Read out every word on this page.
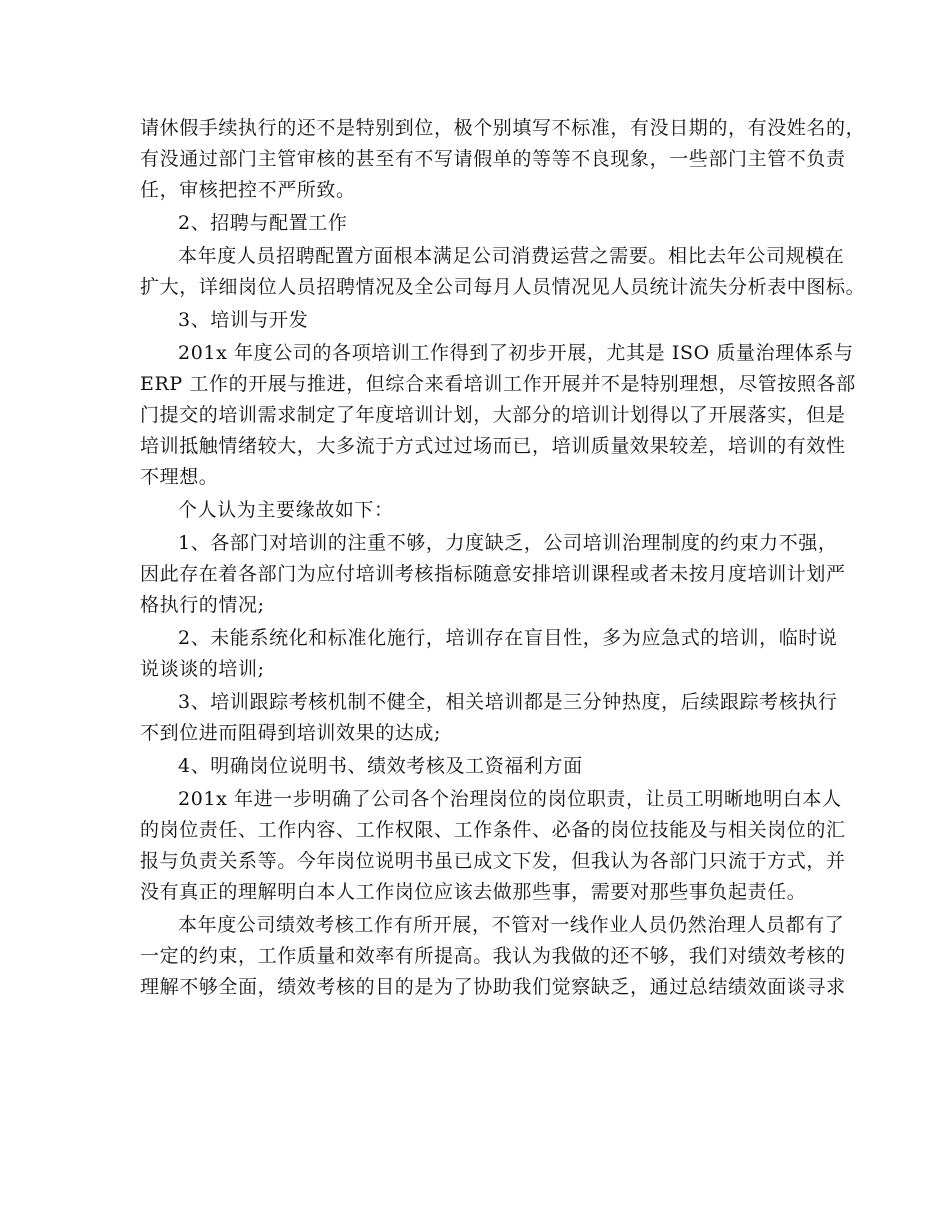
请休假手续执行的还不是特别到位，极个别填写不标准，有没日期的，有没姓名的，
有没通过部门主管审核的甚至有不写请假单的等等不良现象，一些部门主管不负责
任，审核把控不严所致。
2、招聘与配置工作
本年度人员招聘配置方面根本满足公司消费运营之需要。相比去年公司规模在
扩大，详细岗位人员招聘情况及全公司每月人员情况见人员统计流失分析表中图标。
3、培训与开发
201x 年度公司的各项培训工作得到了初步开展，尤其是 ISO 质量治理体系与
ERP 工作的开展与推进，但综合来看培训工作开展并不是特别理想，尽管按照各部
门提交的培训需求制定了年度培训计划，大部分的培训计划得以了开展落实，但是
培训抵触情绪较大，大多流于方式过过场而已，培训质量效果较差，培训的有效性
不理想。
个人认为主要缘故如下：
1、各部门对培训的注重不够，力度缺乏，公司培训治理制度的约束力不强，
因此存在着各部门为应付培训考核指标随意安排培训课程或者未按月度培训计划严
格执行的情况;
2、未能系统化和标准化施行，培训存在盲目性，多为应急式的培训，临时说
说谈谈的培训;
3、培训跟踪考核机制不健全，相关培训都是三分钟热度，后续跟踪考核执行
不到位进而阻碍到培训效果的达成;
4、明确岗位说明书、绩效考核及工资福利方面
201x 年进一步明确了公司各个治理岗位的岗位职责，让员工明晰地明白本人
的岗位责任、工作内容、工作权限、工作条件、必备的岗位技能及与相关岗位的汇
报与负责关系等。今年岗位说明书虽已成文下发，但我认为各部门只流于方式，并
没有真正的理解明白本人工作岗位应该去做那些事，需要对那些事负起责任。
本年度公司绩效考核工作有所开展，不管对一线作业人员仍然治理人员都有了
一定的约束，工作质量和效率有所提高。我认为我做的还不够，我们对绩效考核的
理解不够全面，绩效考核的目的是为了协助我们觉察缺乏，通过总结绩效面谈寻求
